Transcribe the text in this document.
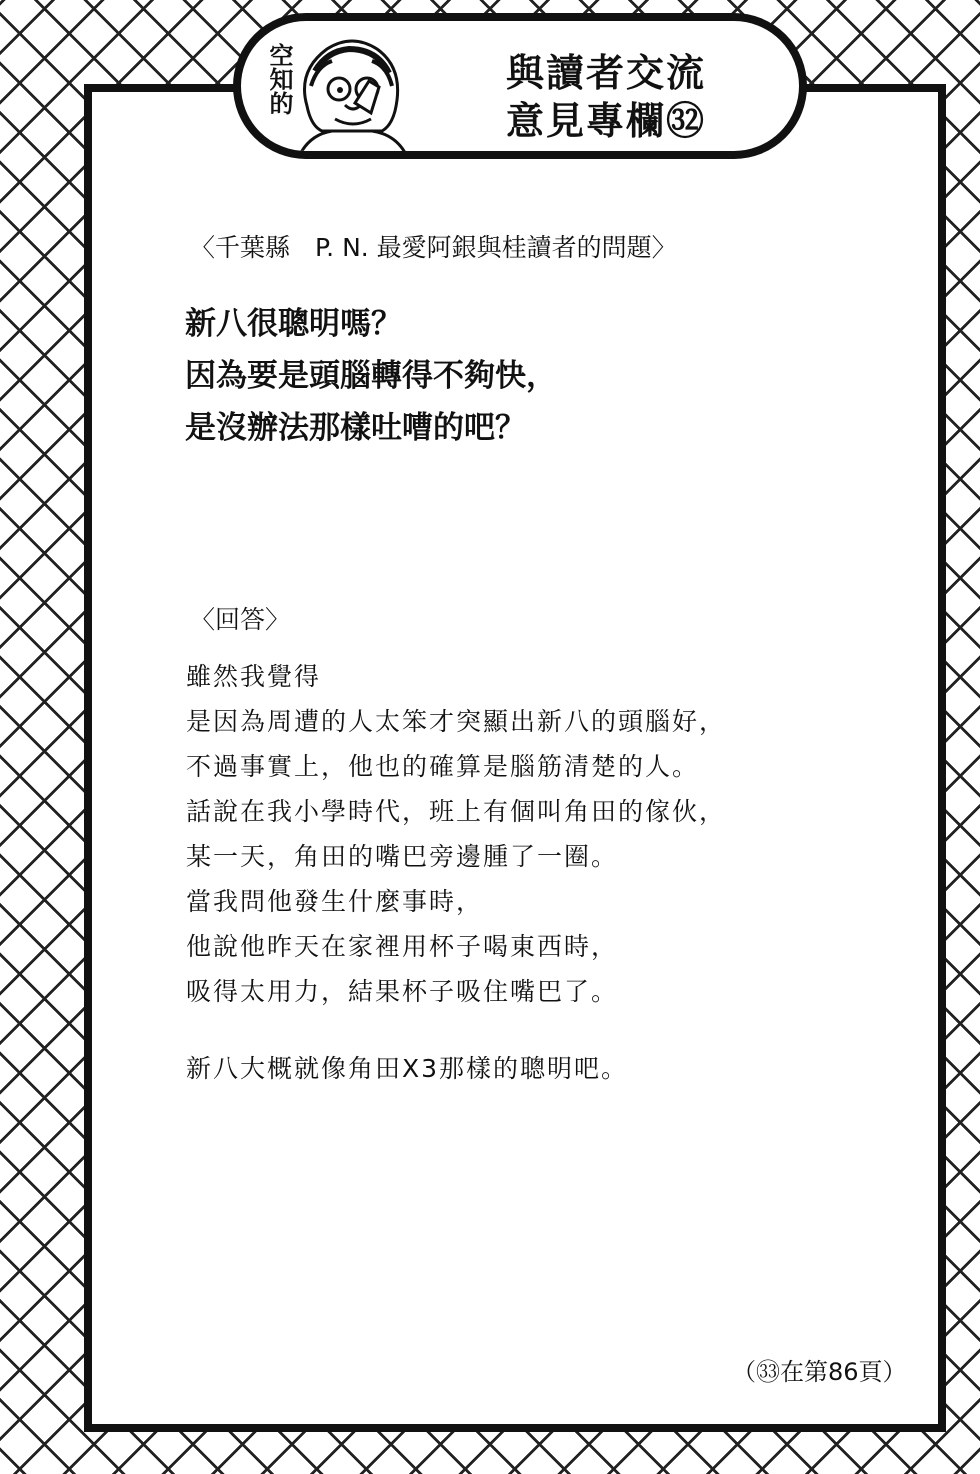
空知的	與讀者交流
意見專欄㉜
〈千葉縣　P. N. 最愛阿銀與桂讀者的問題〉
新八很聰明嗎？
因為要是頭腦轉得不夠快，
是沒辦法那樣吐嘈的吧？
〈回答〉
雖然我覺得
是因為周遭的人太笨才突顯出新八的頭腦好，
不過事實上，他也的確算是腦筋清楚的人。
話說在我小學時代，班上有個叫角田的傢伙，
某一天，角田的嘴巴旁邊腫了一圈。
當我問他發生什麼事時，
他說他昨天在家裡用杯子喝東西時，
吸得太用力，結果杯子吸住嘴巴了。
新八大概就像角田X3那樣的聰明吧。
（㉝在第86頁）
